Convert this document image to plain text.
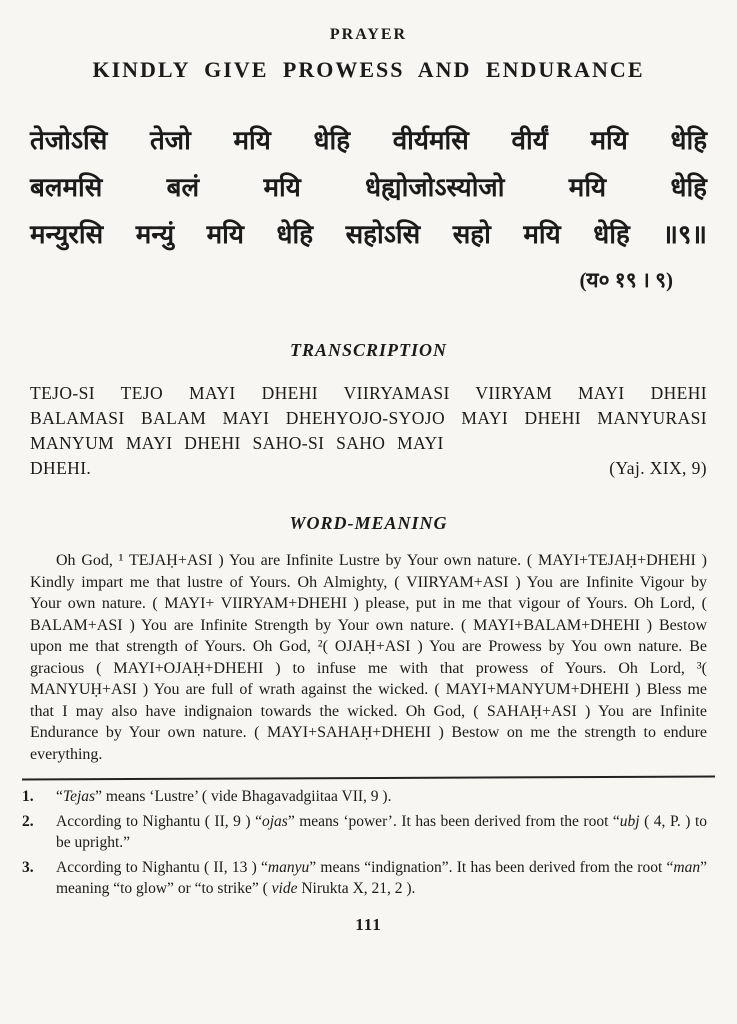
PRAYER
KINDLY GIVE PROWESS AND ENDURANCE
तेजोऽसि तेजो मयि धेहि वीर्यमसि वीर्यं मयि धेहि
बलमसि बलं मयि धेह्योजोऽस्योजो मयि धेहि
मन्युरसि मन्युं मयि धेहि सहोऽसि सहो मयि धेहि ॥९॥
(य० १९ । ९)
TRANSCRIPTION

TEJO-SI TEJO MAYI DHEHI VIIRYAMASI VIIRYAM MAYI DHEHI BALAMASI BALAM MAYI DHEHYOJO-SYOJO MAYI DHEHI MANYURASI MANYUM MAYI DHEHI SAHO-SI SAHO MAYI

DHEHI.	(Yaj. XIX, 9)
WORD-MEANING

Oh God, ¹ TEJAḤ+ASI ) You are Infinite Lustre by Your own nature. ( MAYI+TEJAḤ+DHEHI ) Kindly impart me that lustre of Yours. Oh Almighty, ( VIIRYAM+ASI ) You are Infinite Vigour by Your own nature. ( MAYI+ VIIRYAM+DHEHI ) please, put in me that vigour of Yours. Oh Lord, ( BALAM+ASI ) You are Infinite Strength by Your own nature. ( MAYI+BALAM+DHEHI ) Bestow upon me that strength of Yours. Oh God, ²( OJAḤ+ASI ) You are Prowess by You own nature. Be gracious ( MAYI+OJAḤ+DHEHI ) to infuse me with that prowess of Yours. Oh Lord, ³( MANYUḤ+ASI ) You are full of wrath against the wicked. ( MAYI+MANYUM+DHEHI ) Bless me that I may also have indignaion towards the wicked. Oh God, ( SAHAḤ+ASI ) You are Infinite Endurance by Your own nature. ( MAYI+SAHAḤ+DHEHI ) Bestow on me the strength to endure everything.

1.	“Tejas” means ‘Lustre’ ( vide Bhagavadgiitaa VII, 9 ).
2.	According to Nighantu ( II, 9 ) “ojas” means ‘power’. It has been derived from the root “ubj ( 4, P. ) to be upright.”
3.	According to Nighantu ( II, 13 ) “manyu” means “indignation”. It has been derived from the root “man” meaning “to glow” or “to strike” ( vide Nirukta X, 21, 2 ).
111
